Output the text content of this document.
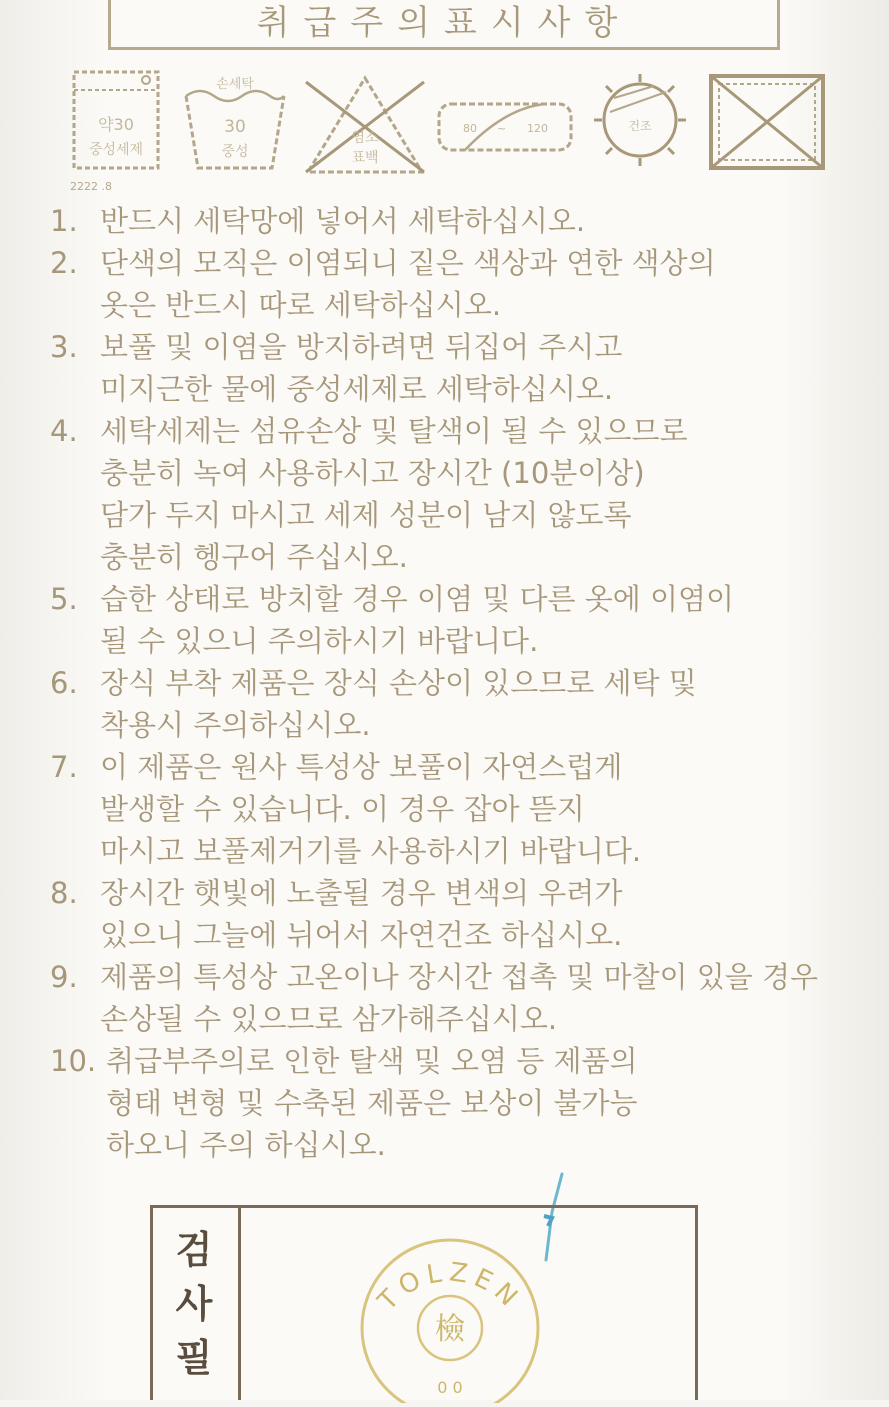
취급주의표시사항
약30
중성세제
손세탁
30
중성
염소
표백
80 ~ 120	건조
2222 .8
1. 반드시 세탁망에 넣어서 세탁하십시오.
2. 단색의 모직은 이염되니 짙은 색상과 연한 색상의
옷은 반드시 따로 세탁하십시오.
3. 보풀 및 이염을 방지하려면 뒤집어 주시고
미지근한 물에 중성세제로 세탁하십시오.
4. 세탁세제는 섬유손상 및 탈색이 될 수 있으므로
충분히 녹여 사용하시고 장시간 (10분이상)
담가 두지 마시고 세제 성분이 남지 않도록
충분히 헹구어 주십시오.
5. 습한 상태로 방치할 경우 이염 및 다른 옷에 이염이
될 수 있으니 주의하시기 바랍니다.
6. 장식 부착 제품은 장식 손상이 있으므로 세탁 및
착용시 주의하십시오.
7. 이 제품은 원사 특성상 보풀이 자연스럽게
발생할 수 있습니다. 이 경우 잡아 뜯지
마시고 보풀제거기를 사용하시기 바랍니다.
8. 장시간 햇빛에 노출될 경우 변색의 우려가
있으니 그늘에 뉘어서 자연건조 하십시오.
9. 제품의 특성상 고온이나 장시간 접촉 및 마찰이 있을 경우
손상될 수 있으므로 삼가해주십시오.
10. 취급부주의로 인한 탈색 및 오염 등 제품의
형태 변형 및 수축된 제품은 보상이 불가능
하오니 주의 하십시오.
검
사
필
TOLZEN
檢
0 0
